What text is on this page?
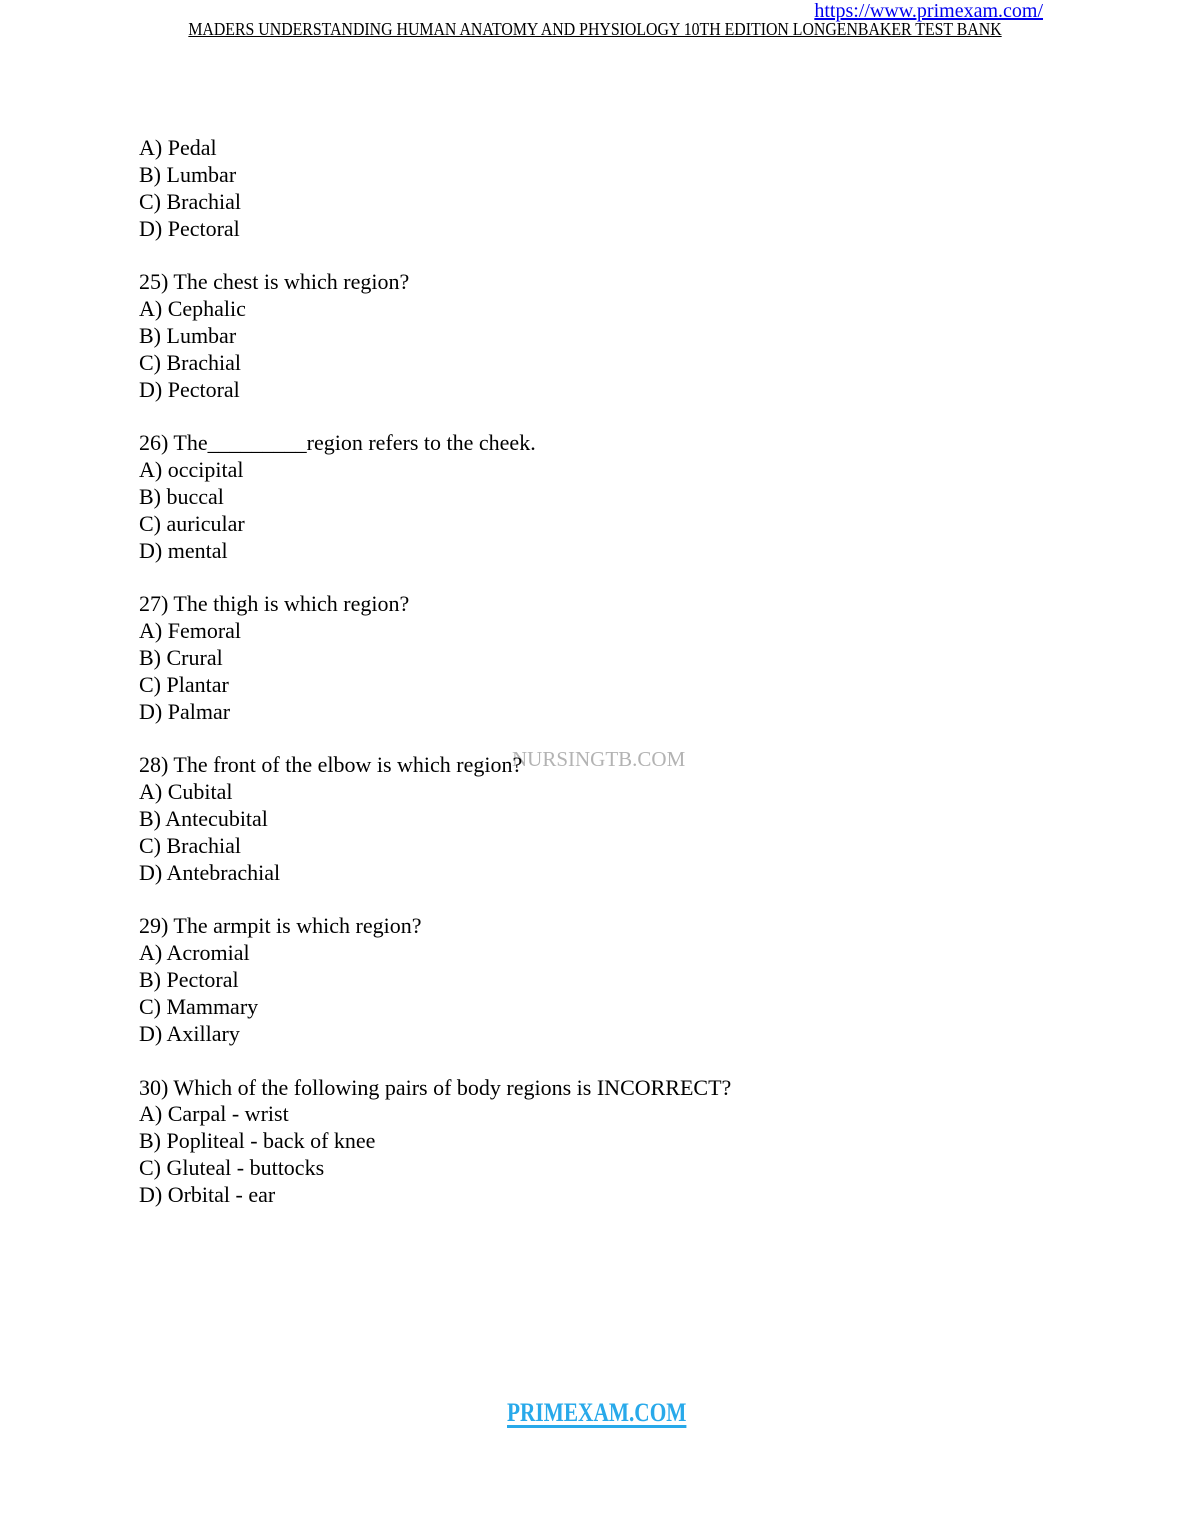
https://www.primexam.com/
MADERS UNDERSTANDING HUMAN ANATOMY AND PHYSIOLOGY 10TH EDITION LONGENBAKER TEST BANK
NURSINGTB.COM
A) Pedal
B) Lumbar
C) Brachial
D) Pectoral
25) The chest is which region?
A) Cephalic
B) Lumbar
C) Brachial
D) Pectoral
26) The_________region refers to the cheek.
A) occipital
B) buccal
C) auricular
D) mental
27) The thigh is which region?
A) Femoral
B) Crural
C) Plantar
D) Palmar
28) The front of the elbow is which region?
A) Cubital
B) Antecubital
C) Brachial
D) Antebrachial
29) The armpit is which region?
A) Acromial
B) Pectoral
C) Mammary
D) Axillary
30) Which of the following pairs of body regions is INCORRECT?
A) Carpal - wrist
B) Popliteal - back of knee
C) Gluteal - buttocks
D) Orbital - ear
PRIMEXAM.COM
